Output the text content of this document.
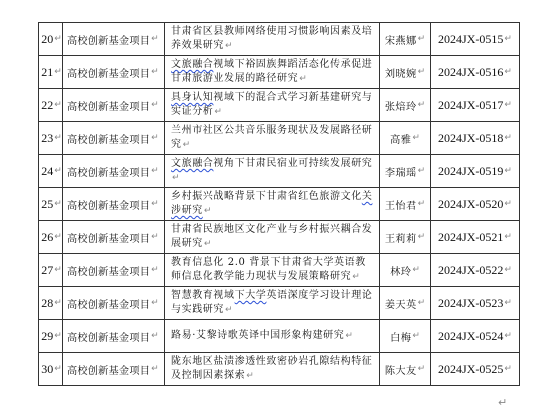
20 ↵	高校创新基金项目 ↵	甘肃省区县教师网络使用习惯影响因素及培养效果研究↵	宋燕娜 ↵	2024JX-0515 ↵

21 ↵	高校创新基金项目 ↵	文旅融合视域下裕固族舞蹈活态化传承促进甘肃旅游业发展的路径研究↵	刘晓婉 ↵	2024JX-0516 ↵

22 ↵	高校创新基金项目 ↵	具身认知视域下的混合式学习新基建研究与实证分析↵	张焙玲 ↵	2024JX-0517 ↵

23 ↵	高校创新基金项目 ↵	兰州市社区公共音乐服务现状及发展路径研究↵	高雅 ↵	2024JX-0518 ↵

24 ↵	高校创新基金项目 ↵	文旅融合视角下甘肃民宿业可持续发展研究↵	李瑞瑶 ↵	2024JX-0519 ↵

25 ↵	高校创新基金项目 ↵	乡村振兴战略背景下甘肃省红色旅游文化关涉研究↵	王怡君 ↵	2024JX-0520 ↵

26 ↵	高校创新基金项目 ↵	甘肃省民族地区文化产业与乡村振兴耦合发展研究↵	王莉莉 ↵	2024JX-0521 ↵

27 ↵	高校创新基金项目 ↵	教育信息化 2.0 背景下甘肃省大学英语教师信息化教学能力现状与发展策略研究↵	林玲 ↵	2024JX-0522 ↵

28 ↵	高校创新基金项目 ↵	智慧教育视域下大学英语深度学习设计理论与实践研究↵	姜天英 ↵	2024JX-0523 ↵

29 ↵	高校创新基金项目 ↵	路易·艾黎诗歌英译中国形象构建研究↵	白梅 ↵	2024JX-0524 ↵

30 ↵	高校创新基金项目 ↵	陇东地区盐渍渗透性致密砂岩孔隙结构特征及控制因素探索↵	陈大友 ↵	2024JX-0525 ↵
↵
